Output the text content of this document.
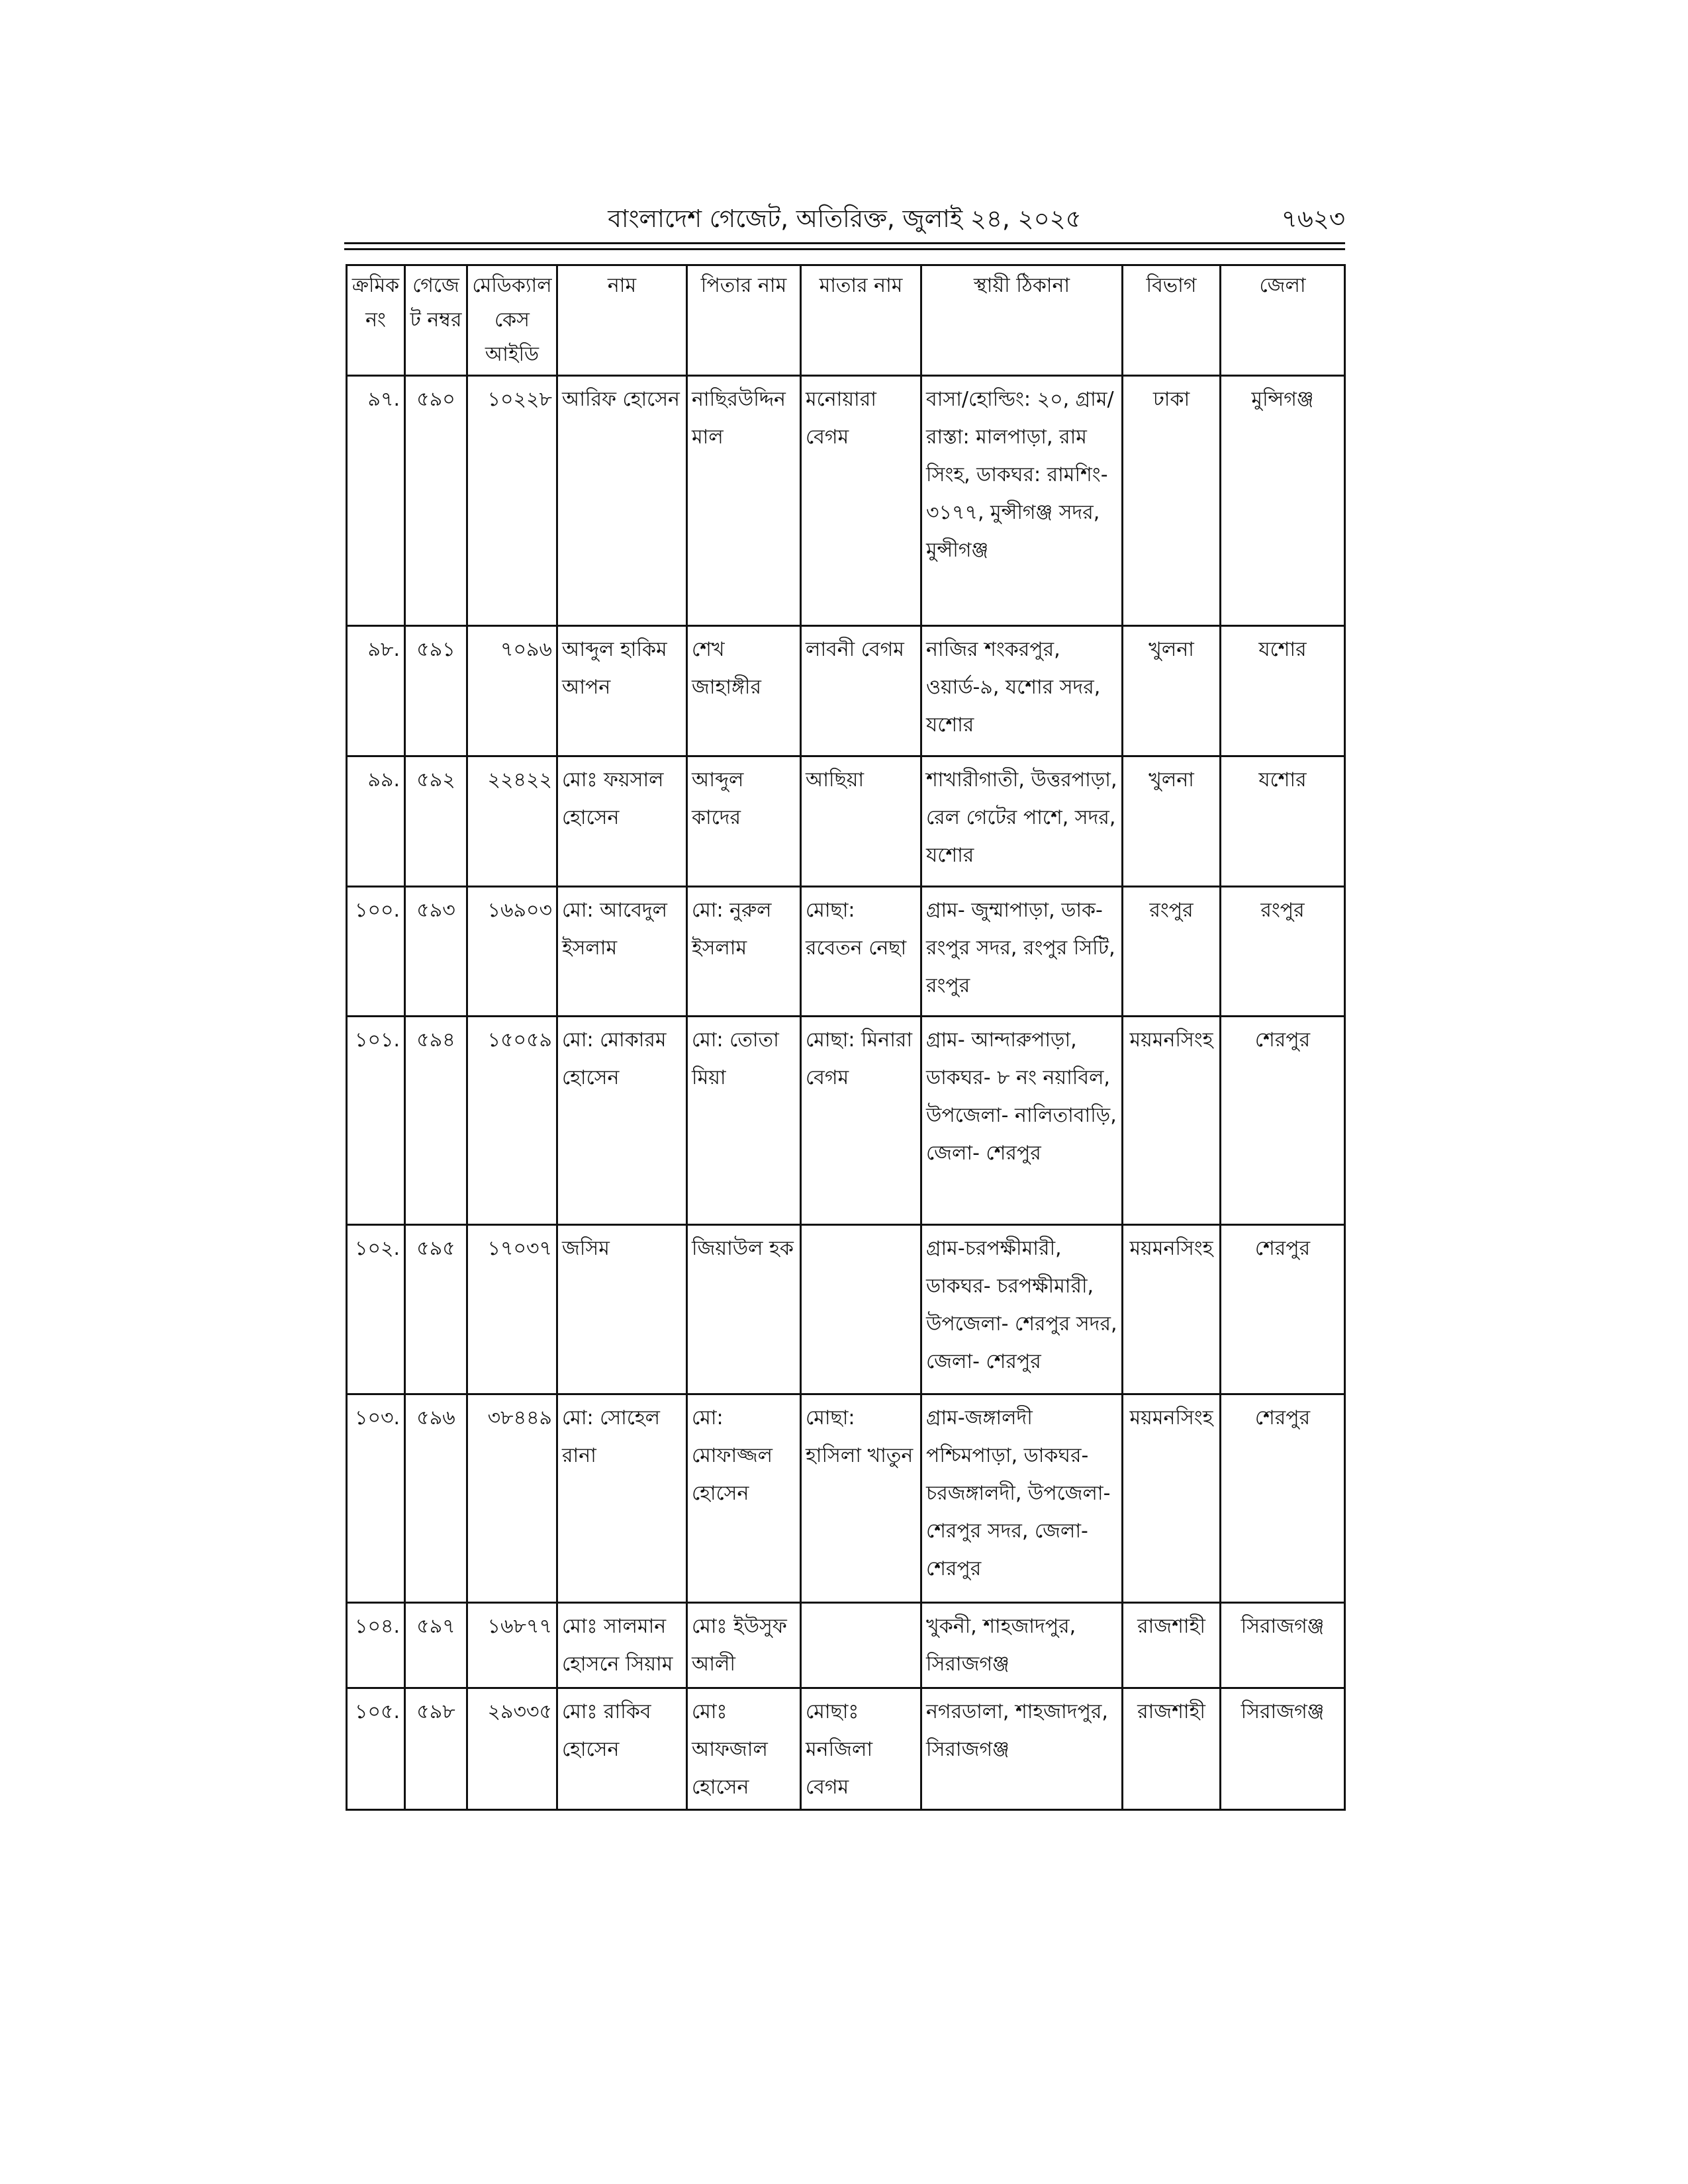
বাংলাদেশ গেজেট, অতিরিক্ত, জুলাই ২৪, ২০২৫	৭৬২৩
ক্রমিক নং	গেজেট নম্বর	মেডিক্যাল কেস আইডি	নাম	পিতার নাম	মাতার নাম	স্থায়ী ঠিকানা	বিভাগ	জেলা
৯৭.	৫৯০	১০২২৮	আরিফ হোসেন	নাছিরউদ্দিন মাল	মনোয়ারা বেগম	বাসা/হোল্ডিং: ২০, গ্রাম/রাস্তা: মালপাড়া, রাম সিংহ, ডাকঘর: রামশিং- ৩১৭৭, মুন্সীগঞ্জ সদর, মুন্সীগঞ্জ	ঢাকা	মুন্সিগঞ্জ
৯৮.	৫৯১	৭০৯৬	আব্দুল হাকিম আপন	শেখ জাহাঙ্গীর	লাবনী বেগম	নাজির শংকরপুর, ওয়ার্ড-৯, যশোর সদর, যশোর	খুলনা	যশোর
৯৯.	৫৯২	২২৪২২	মোঃ ফয়সাল হোসেন	আব্দুল কাদের	আছিয়া	শাখারীগাতী, উত্তরপাড়া, রেল গেটের পাশে, সদর, যশোর	খুলনা	যশোর
১০০.	৫৯৩	১৬৯০৩	মো: আবেদুল ইসলাম	মো: নুরুল ইসলাম	মোছা: রবেতন নেছা	গ্রাম- জুম্মাপাড়া, ডাক- রংপুর সদর, রংপুর সিটি, রংপুর	রংপুর	রংপুর
১০১.	৫৯৪	১৫০৫৯	মো: মোকারম হোসেন	মো: তোতা মিয়া	মোছা: মিনারা বেগম	গ্রাম- আন্দারুপাড়া, ডাকঘর- ৮ নং নয়াবিল, উপজেলা- নালিতাবাড়ি, জেলা- শেরপুর	ময়মনসিংহ	শেরপুর
১০২.	৫৯৫	১৭০৩৭	জসিম	জিয়াউল হক		গ্রাম-চরপক্ষীমারী, ডাকঘর- চরপক্ষীমারী, উপজেলা- শেরপুর সদর, জেলা- শেরপুর	ময়মনসিংহ	শেরপুর
১০৩.	৫৯৬	৩৮৪৪৯	মো: সোহেল রানা	মো: মোফাজ্জল হোসেন	মোছা: হাসিলা খাতুন	গ্রাম-জঙ্গালদী পশ্চিমপাড়া, ডাকঘর- চরজঙ্গালদী, উপজেলা- শেরপুর সদর, জেলা- শেরপুর	ময়মনসিংহ	শেরপুর
১০৪.	৫৯৭	১৬৮৭৭	মোঃ সালমান হোসনে সিয়াম	মোঃ ইউসুফ আলী		খুকনী, শাহজাদপুর, সিরাজগঞ্জ	রাজশাহী	সিরাজগঞ্জ
১০৫.	৫৯৮	২৯৩৩৫	মোঃ রাকিব হোসেন	মোঃ আফজাল হোসেন	মোছাঃ মনজিলা বেগম	নগরডালা, শাহজাদপুর, সিরাজগঞ্জ	রাজশাহী	সিরাজগঞ্জ
